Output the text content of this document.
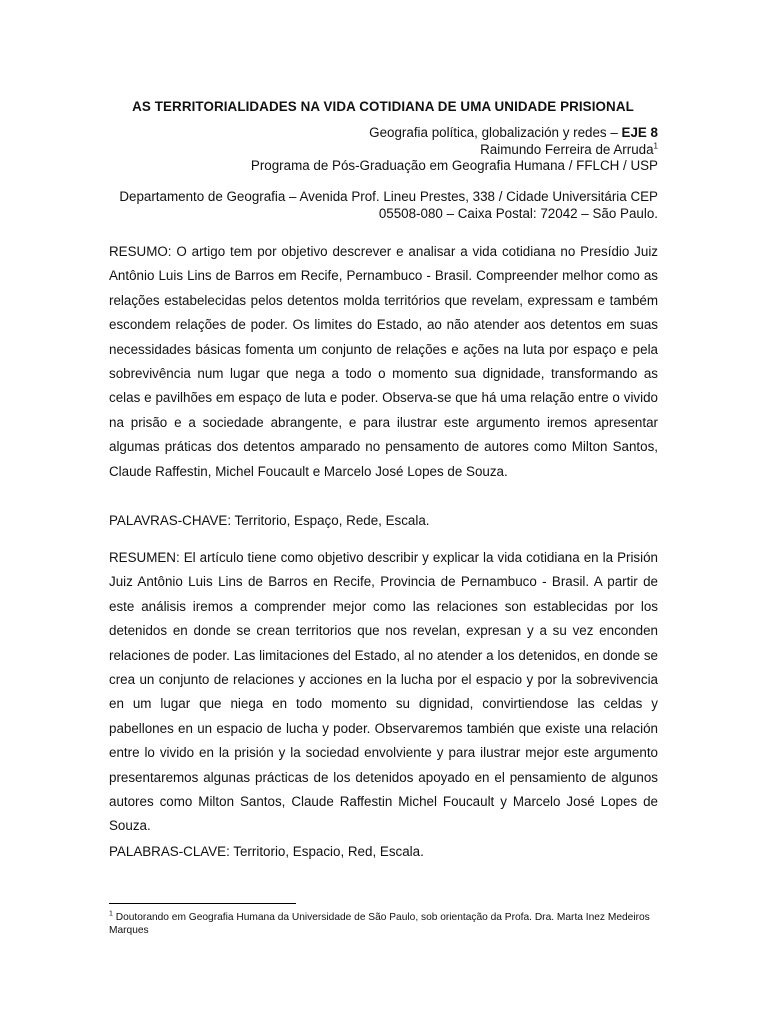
AS TERRITORIALIDADES NA VIDA COTIDIANA DE UMA UNIDADE PRISIONAL
Geografia política, globalización y redes – EJE 8
Raimundo Ferreira de Arruda$^1$
Programa de Pós-Graduação em Geografia Humana / FFLCH / USP
Departamento de Geografia – Avenida Prof. Lineu Prestes, 338 / Cidade Universitária CEP
05508-080 – Caixa Postal: 72042 – São Paulo.

RESUMO: O artigo tem por objetivo descrever e analisar a vida cotidiana no Presídio Juiz Antônio Luis Lins de Barros em Recife, Pernambuco - Brasil. Compreender melhor como as relações estabelecidas pelos detentos molda territórios que revelam, expressam e também escondem relações de poder. Os limites do Estado, ao não atender aos detentos em suas necessidades básicas fomenta um conjunto de relações e ações na luta por espaço e pela sobrevivência num lugar que nega a todo o momento sua dignidade, transformando as celas e pavilhões em espaço de luta e poder. Observa-se que há uma relação entre o vivido na prisão e a sociedade abrangente, e para ilustrar este argumento iremos apresentar algumas práticas dos detentos amparado no pensamento de autores como Milton Santos, Claude Raffestin, Michel Foucault e Marcelo José Lopes de Souza.

PALAVRAS-CHAVE: Territorio, Espaço, Rede, Escala.

RESUMEN: El artículo tiene como objetivo describir y explicar la vida cotidiana en la Prisión Juiz Antônio Luis Lins de Barros en Recife, Provincia de Pernambuco - Brasil. A partir de este análisis iremos a comprender mejor como las relaciones son establecidas por los detenidos en donde se crean territorios que nos revelan, expresan y a su vez enconden relaciones de poder. Las limitaciones del Estado, al no atender a los detenidos, en donde se crea un conjunto de relaciones y acciones en la lucha por el espacio y por la sobrevivencia en um lugar que niega en todo momento su dignidad, convirtiendose las celdas y pabellones en un espacio de lucha y poder. Observaremos también que existe una relación entre lo vivido en la prisión y la sociedad envolviente y para ilustrar mejor este argumento presentaremos algunas prácticas de los detenidos apoyado en el pensamiento de algunos autores como Milton Santos, Claude Raffestin Michel Foucault y Marcelo José Lopes de Souza.

PALABRAS-CLAVE: Territorio, Espacio, Red, Escala.

$^1$ Doutorando em Geografia Humana da Universidade de São Paulo, sob orientação da Profa. Dra. Marta Inez Medeiros Marques
